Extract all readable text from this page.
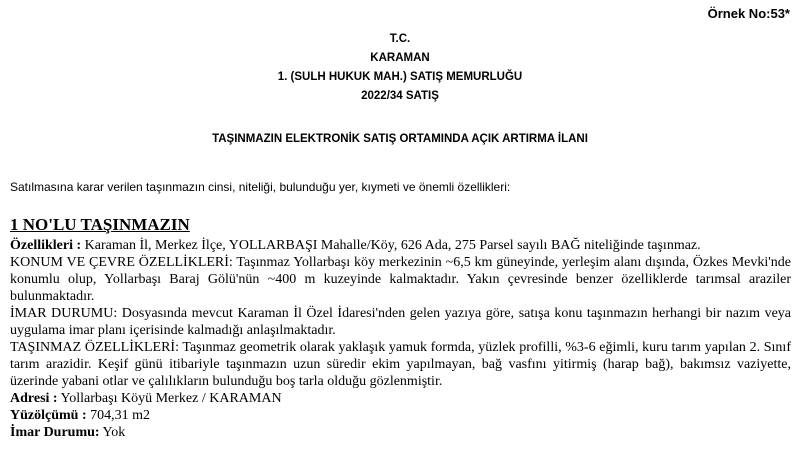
Örnek No:53*
T.C.
KARAMAN
1. (SULH HUKUK MAH.) SATIŞ MEMURLUĞU
2022/34 SATIŞ
TAŞINMAZIN ELEKTRONİK SATIŞ ORTAMINDA AÇIK ARTIRMA İLANI
Satılmasına karar verilen taşınmazın cinsi, niteliği, bulunduğu yer, kıymeti ve önemli özellikleri:
1 NO'LU TAŞINMAZIN

Özellikleri : Karaman İl, Merkez İlçe, YOLLARBAŞI Mahalle/Köy, 626 Ada, 275 Parsel sayılı BAĞ niteliğinde taşınmaz.

KONUM VE ÇEVRE ÖZELLİKLERİ: Taşınmaz Yollarbaşı köy merkezinin ~6,5 km güneyinde, yerleşim alanı dışında, Özkes Mevki'nde konumlu olup, Yollarbaşı Baraj Gölü'nün ~400 m kuzeyinde kalmaktadır. Yakın çevresinde benzer özelliklerde tarımsal araziler bulunmaktadır.

İMAR DURUMU: Dosyasında mevcut Karaman İl Özel İdaresi'nden gelen yazıya göre, satışa konu taşınmazın herhangi bir nazım veya uygulama imar planı içerisinde kalmadığı anlaşılmaktadır.

TAŞINMAZ ÖZELLİKLERİ: Taşınmaz geometrik olarak yaklaşık yamuk formda, yüzlek profilli, %3-6 eğimli, kuru tarım yapılan 2. Sınıf tarım arazidir. Keşif günü itibariyle taşınmazın uzun süredir ekim yapılmayan, bağ vasfını yitirmiş (harap bağ), bakımsız vaziyette, üzerinde yabani otlar ve çalılıkların bulunduğu boş tarla olduğu gözlenmiştir.

Adresi : Yollarbaşı Köyü Merkez / KARAMAN

Yüzölçümü : 704,31 m2

İmar Durumu: Yok
